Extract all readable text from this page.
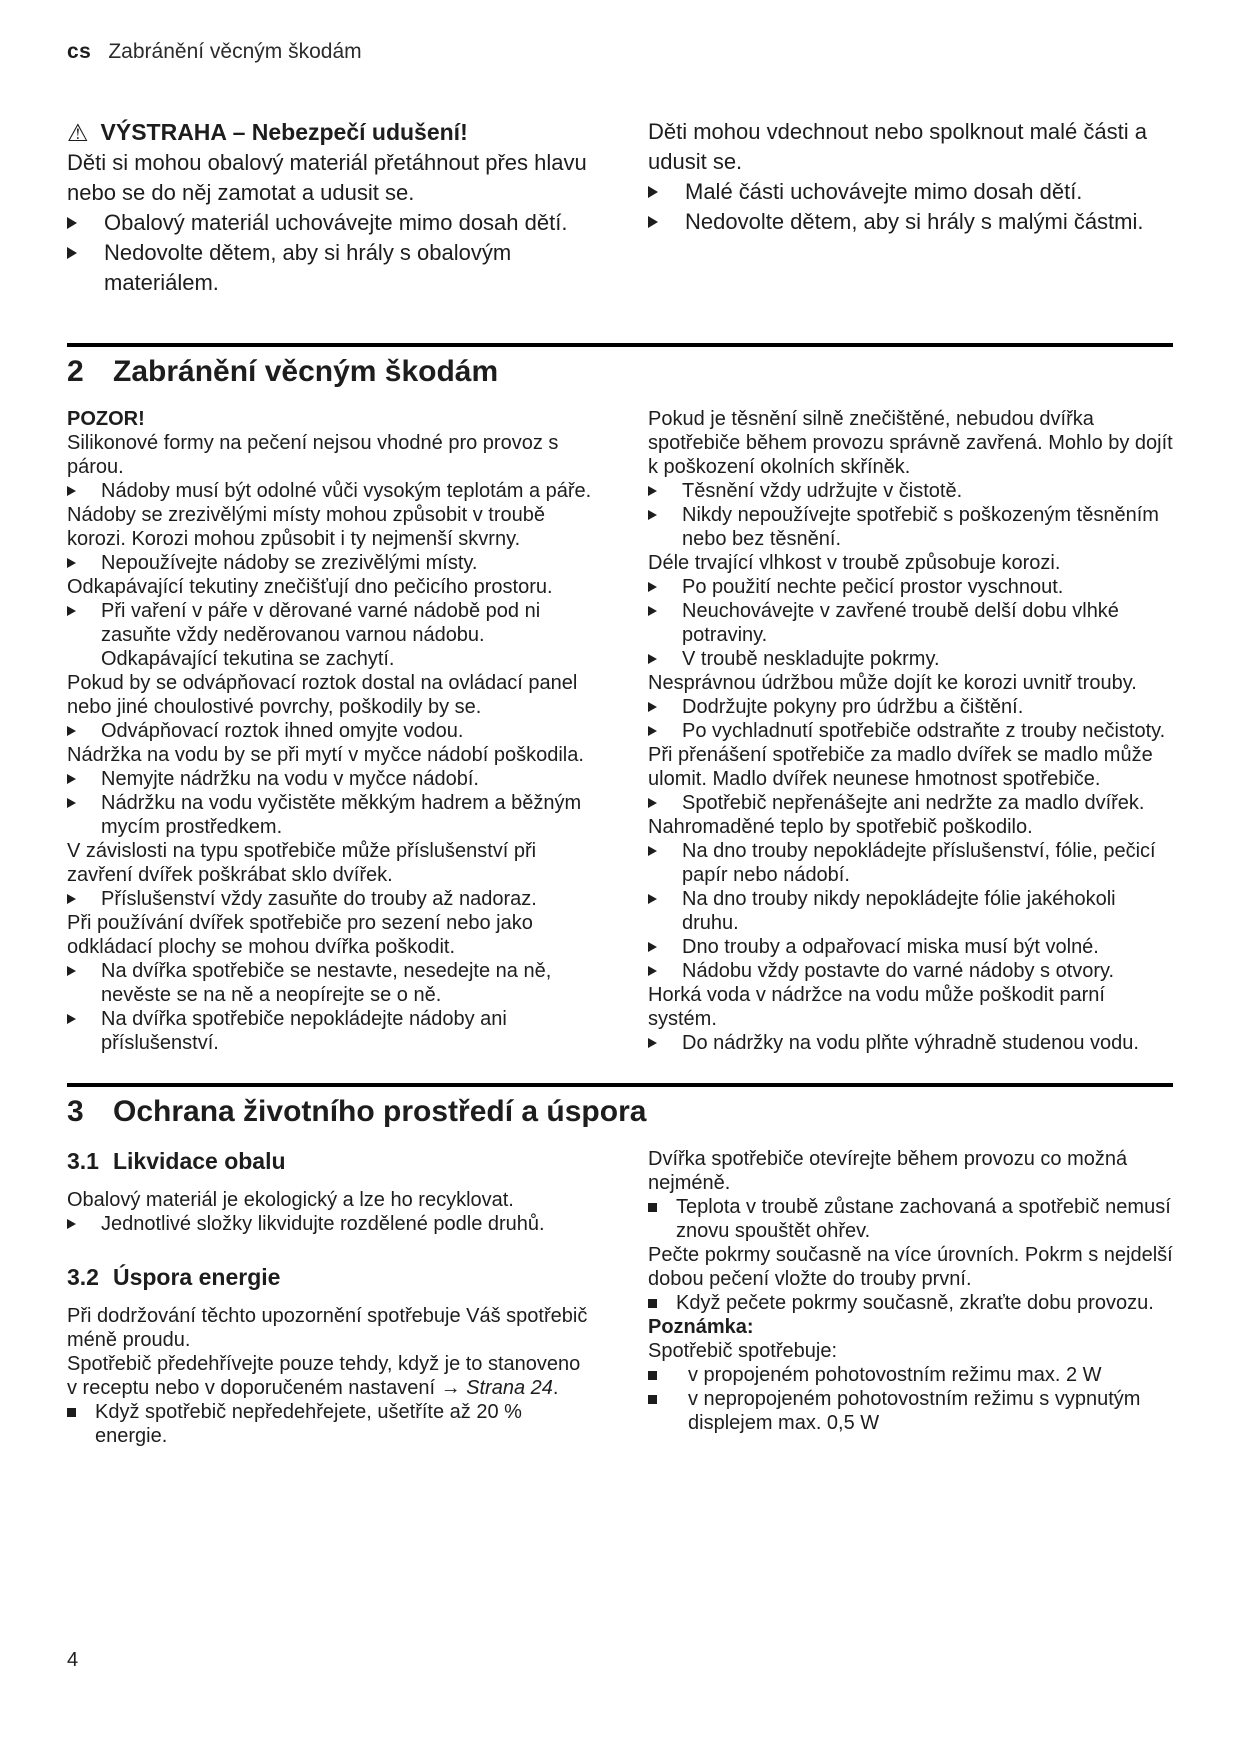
cs Zabránění věcným škodám
⚠ VÝSTRAHA – Nebezpečí udušení!

Děti si mohou obalový materiál přetáhnout přes hlavu nebo se do něj zamotat a udusit se.

Obalový materiál uchovávejte mimo dosah dětí.
Nedovolte dětem, aby si hrály s obalovým materiálem.

Děti mohou vdechnout nebo spolknout malé části a udusit se.

Malé části uchovávejte mimo dosah dětí.
Nedovolte dětem, aby si hrály s malými částmi.
2 Zabránění věcným škodám

POZOR!

Silikonové formy na pečení nejsou vhodné pro provoz s párou.

Nádoby musí být odolné vůči vysokým teplotám a páře.

Nádoby se zrezivělými místy mohou způsobit v troubě korozi. Korozi mohou způsobit i ty nejmenší skvrny.

Nepoužívejte nádoby se zrezivělými místy.

Odkapávající tekutiny znečišťují dno pečicího prostoru.

Při vaření v páře v děrované varné nádobě pod ni zasuňte vždy neděrovanou varnou nádobu. Odkapávající tekutina se zachytí.

Pokud by se odvápňovací roztok dostal na ovládací panel nebo jiné choulostivé povrchy, poškodily by se.

Odvápňovací roztok ihned omyjte vodou.

Nádržka na vodu by se při mytí v myčce nádobí poškodila.

Nemyjte nádržku na vodu v myčce nádobí.
Nádržku na vodu vyčistěte měkkým hadrem a běžným mycím prostředkem.

V závislosti na typu spotřebiče může příslušenství při zavření dvířek poškrábat sklo dvířek.

Příslušenství vždy zasuňte do trouby až nadoraz.

Při používání dvířek spotřebiče pro sezení nebo jako odkládací plochy se mohou dvířka poškodit.

Na dvířka spotřebiče se nestavte, nesedejte na ně, nevěste se na ně a neopírejte se o ně.
Na dvířka spotřebiče nepokládejte nádoby ani příslušenství.

Pokud je těsnění silně znečištěné, nebudou dvířka spotřebiče během provozu správně zavřená. Mohlo by dojít k poškození okolních skříněk.

Těsnění vždy udržujte v čistotě.
Nikdy nepoužívejte spotřebič s poškozeným těsněním nebo bez těsnění.

Déle trvající vlhkost v troubě způsobuje korozi.

Po použití nechte pečicí prostor vyschnout.
Neuchovávejte v zavřené troubě delší dobu vlhké potraviny.
V troubě neskladujte pokrmy.

Nesprávnou údržbou může dojít ke korozi uvnitř trouby.

Dodržujte pokyny pro údržbu a čištění.
Po vychladnutí spotřebiče odstraňte z trouby nečistoty.

Při přenášení spotřebiče za madlo dvířek se madlo může ulomit. Madlo dvířek neunese hmotnost spotřebiče.

Spotřebič nepřenášejte ani nedržte za madlo dvířek.

Nahromaděné teplo by spotřebič poškodilo.

Na dno trouby nepokládejte příslušenství, fólie, pečicí papír nebo nádobí.
Na dno trouby nikdy nepokládejte fólie jakéhokoli druhu.
Dno trouby a odpařovací miska musí být volné.
Nádobu vždy postavte do varné nádoby s otvory.

Horká voda v nádržce na vodu může poškodit parní systém.

Do nádržky na vodu plňte výhradně studenou vodu.
3 Ochrana životního prostředí a úspora
3.1 Likvidace obalu

Obalový materiál je ekologický a lze ho recyklovat.

Jednotlivé složky likvidujte rozdělené podle druhů.
3.2 Úspora energie

Při dodržování těchto upozornění spotřebuje Váš spotřebič méně proudu.

Spotřebič předehřívejte pouze tehdy, když je to stanoveno v receptu nebo v doporučeném nastavení → Strana 24.

Když spotřebič nepředehřejete, ušetříte až 20 % energie.

Dvířka spotřebiče otevírejte během provozu co možná nejméně.

Teplota v troubě zůstane zachovaná a spotřebič nemusí znovu spouštět ohřev.

Pečte pokrmy současně na více úrovních. Pokrm s nejdelší dobou pečení vložte do trouby první.

Když pečete pokrmy současně, zkraťte dobu provozu.

Poznámka:

Spotřebič spotřebuje:

v propojeném pohotovostním režimu max. 2 W
v nepropojeném pohotovostním režimu s vypnutým displejem max. 0,5 W
4
